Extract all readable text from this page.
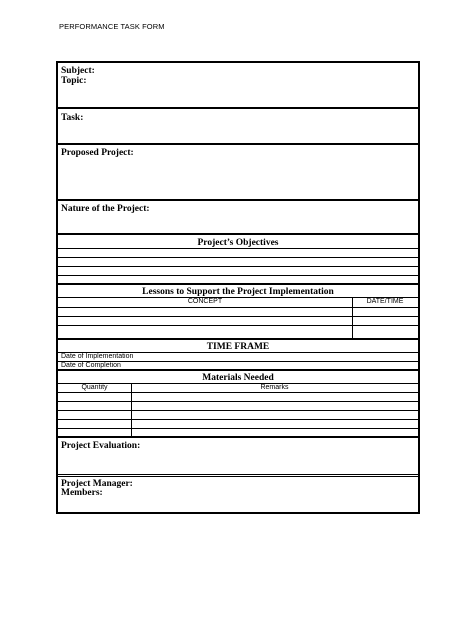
PERFORMANCE TASK FORM
Subject:
Topic:
Task:
Proposed Project:
Nature of the Project:
Project’s Objectives
Lessons to Support the Project Implementation
CONCEPT	DATE/TIME
TIME FRAME
Date of Implementation
Date of Completion
Materials Needed
Quantity	Remarks
Project Evaluation:
Project Manager:
Members:
